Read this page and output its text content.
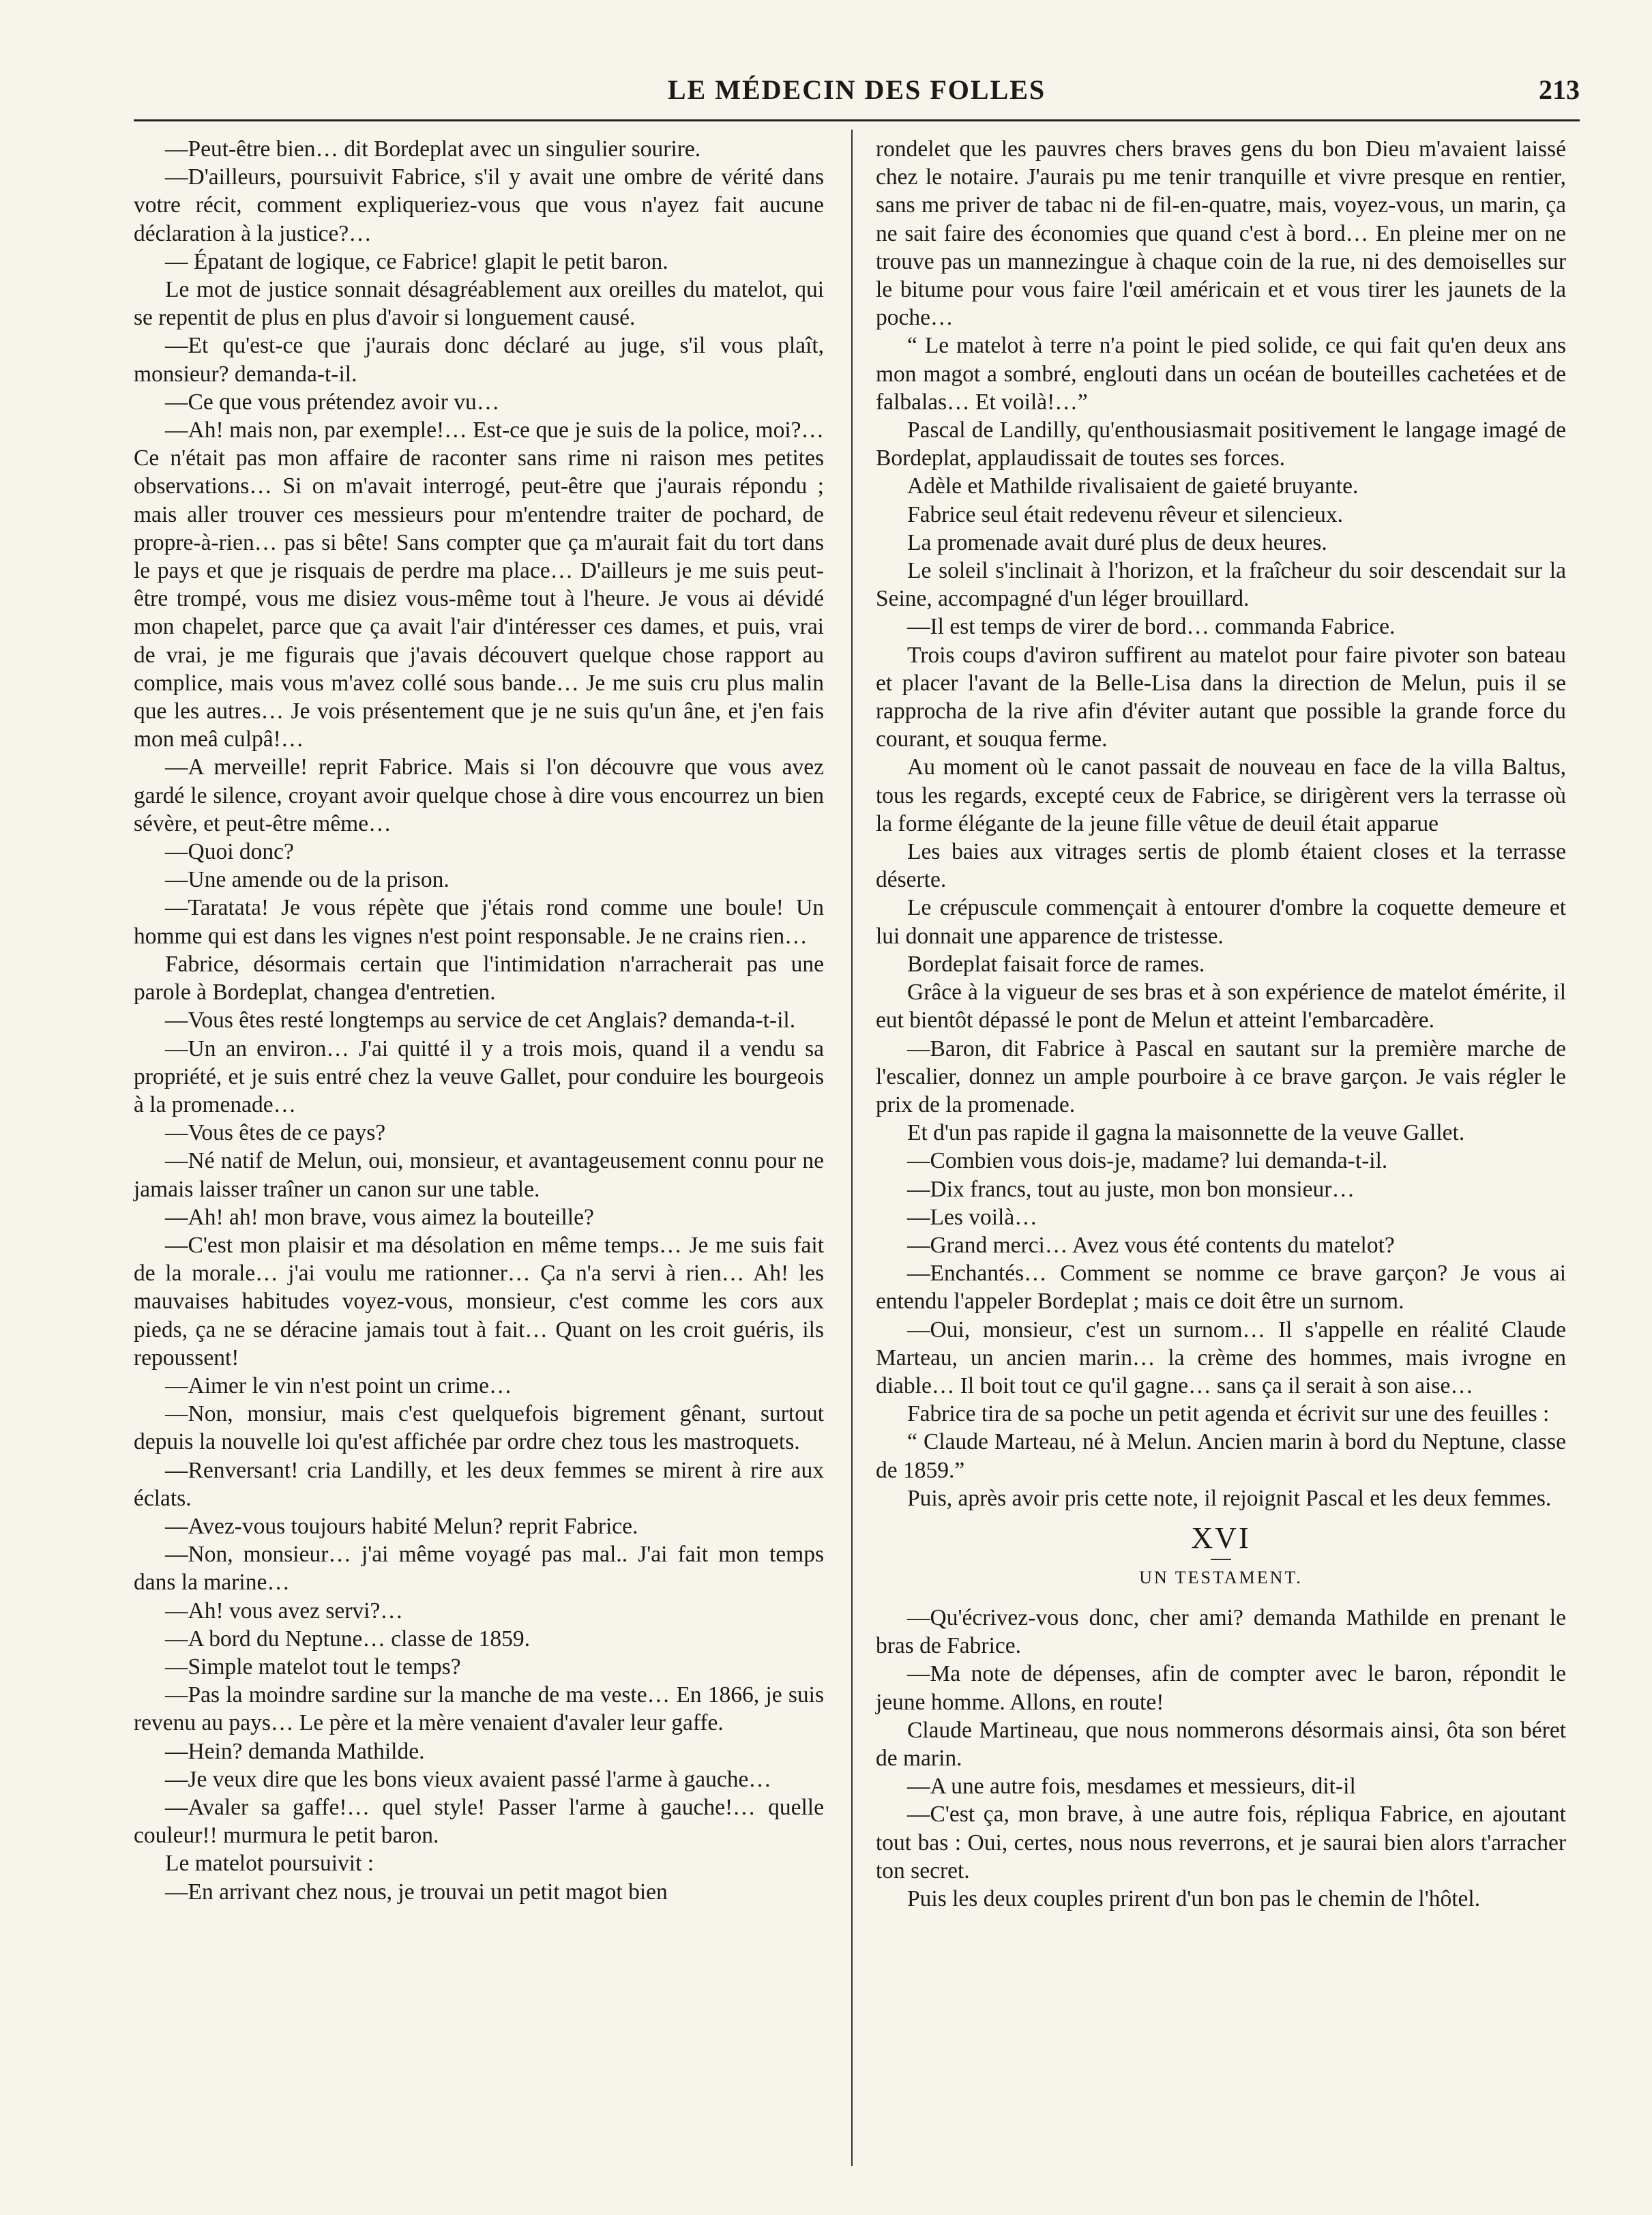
LE MÉDECIN DES FOLLES	213

—Peut-être bien… dit Bordeplat avec un singulier sourire.

—D'ailleurs, poursuivit Fabrice, s'il y avait une ombre de vérité dans votre récit, comment expliqueriez-vous que vous n'ayez fait aucune déclaration à la justice?…

— Épatant de logique, ce Fabrice! glapit le petit baron.

Le mot de justice sonnait désagréablement aux oreilles du matelot, qui se repentit de plus en plus d'avoir si longuement causé.

—Et qu'est-ce que j'aurais donc déclaré au juge, s'il vous plaît, monsieur? demanda-t-il.

—Ce que vous prétendez avoir vu…

—Ah! mais non, par exemple!… Est-ce que je suis de la police, moi?… Ce n'était pas mon affaire de raconter sans rime ni raison mes petites observations… Si on m'avait interrogé, peut-être que j'aurais répondu ; mais aller trouver ces messieurs pour m'entendre traiter de pochard, de propre-à-rien… pas si bête! Sans compter que ça m'aurait fait du tort dans le pays et que je risquais de perdre ma place… D'ailleurs je me suis peut-être trompé, vous me disiez vous-même tout à l'heure. Je vous ai dévidé mon chapelet, parce que ça avait l'air d'intéresser ces dames, et puis, vrai de vrai, je me figurais que j'avais découvert quelque chose rapport au complice, mais vous m'avez collé sous bande… Je me suis cru plus malin que les autres… Je vois présentement que je ne suis qu'un âne, et j'en fais mon meâ culpâ!…

—A merveille! reprit Fabrice. Mais si l'on découvre que vous avez gardé le silence, croyant avoir quelque chose à dire vous encourrez un bien sévère, et peut-être même…

—Quoi donc?

—Une amende ou de la prison.

—Taratata! Je vous répète que j'étais rond comme une boule! Un homme qui est dans les vignes n'est point responsable. Je ne crains rien…

Fabrice, désormais certain que l'intimidation n'arracherait pas une parole à Bordeplat, changea d'entretien.

—Vous êtes resté longtemps au service de cet Anglais? demanda-t-il.

—Un an environ… J'ai quitté il y a trois mois, quand il a vendu sa propriété, et je suis entré chez la veuve Gallet, pour conduire les bourgeois à la promenade…

—Vous êtes de ce pays?

—Né natif de Melun, oui, monsieur, et avantageusement connu pour ne jamais laisser traîner un canon sur une table.

—Ah! ah! mon brave, vous aimez la bouteille?

—C'est mon plaisir et ma désolation en même temps… Je me suis fait de la morale… j'ai voulu me rationner… Ça n'a servi à rien… Ah! les mauvaises habitudes voyez-vous, monsieur, c'est comme les cors aux pieds, ça ne se déracine jamais tout à fait… Quant on les croit guéris, ils repoussent!

—Aimer le vin n'est point un crime…

—Non, monsiur, mais c'est quelquefois bigrement gênant, surtout depuis la nouvelle loi qu'est affichée par ordre chez tous les mastroquets.

—Renversant! cria Landilly, et les deux femmes se mirent à rire aux éclats.

—Avez-vous toujours habité Melun? reprit Fabrice.

—Non, monsieur… j'ai même voyagé pas mal.. J'ai fait mon temps dans la marine…

—Ah! vous avez servi?…

—A bord du Neptune… classe de 1859.

—Simple matelot tout le temps?

—Pas la moindre sardine sur la manche de ma veste… En 1866, je suis revenu au pays… Le père et la mère venaient d'avaler leur gaffe.

—Hein? demanda Mathilde.

—Je veux dire que les bons vieux avaient passé l'arme à gauche…

—Avaler sa gaffe!… quel style! Passer l'arme à gauche!… quelle couleur!! murmura le petit baron.

Le matelot poursuivit :

—En arrivant chez nous, je trouvai un petit magot bien

rondelet que les pauvres chers braves gens du bon Dieu m'avaient laissé chez le notaire. J'aurais pu me tenir tranquille et vivre presque en rentier, sans me priver de tabac ni de fil-en-quatre, mais, voyez-vous, un marin, ça ne sait faire des économies que quand c'est à bord… En pleine mer on ne trouve pas un mannezingue à chaque coin de la rue, ni des demoiselles sur le bitume pour vous faire l'œil américain et et vous tirer les jaunets de la poche…

“ Le matelot à terre n'a point le pied solide, ce qui fait qu'en deux ans mon magot a sombré, englouti dans un océan de bouteilles cachetées et de falbalas… Et voilà!…”

Pascal de Landilly, qu'enthousiasmait positivement le langage imagé de Bordeplat, applaudissait de toutes ses forces.

Adèle et Mathilde rivalisaient de gaieté bruyante.

Fabrice seul était redevenu rêveur et silencieux.

La promenade avait duré plus de deux heures.

Le soleil s'inclinait à l'horizon, et la fraîcheur du soir descendait sur la Seine, accompagné d'un léger brouillard.

—Il est temps de virer de bord… commanda Fabrice.

Trois coups d'aviron suffirent au matelot pour faire pivoter son bateau et placer l'avant de la Belle-Lisa dans la direction de Melun, puis il se rapprocha de la rive afin d'éviter autant que possible la grande force du courant, et souqua ferme.

Au moment où le canot passait de nouveau en face de la villa Baltus, tous les regards, excepté ceux de Fabrice, se dirigèrent vers la terrasse où la forme élégante de la jeune fille vêtue de deuil était apparue

Les baies aux vitrages sertis de plomb étaient closes et la terrasse déserte.

Le crépuscule commençait à entourer d'ombre la coquette demeure et lui donnait une apparence de tristesse.

Bordeplat faisait force de rames.

Grâce à la vigueur de ses bras et à son expérience de matelot émérite, il eut bientôt dépassé le pont de Melun et atteint l'embarcadère.

—Baron, dit Fabrice à Pascal en sautant sur la première marche de l'escalier, donnez un ample pourboire à ce brave garçon. Je vais régler le prix de la promenade.

Et d'un pas rapide il gagna la maisonnette de la veuve Gallet.

—Combien vous dois-je, madame? lui demanda-t-il.

—Dix francs, tout au juste, mon bon monsieur…

—Les voilà…

—Grand merci… Avez vous été contents du matelot?

—Enchantés… Comment se nomme ce brave garçon? Je vous ai entendu l'appeler Bordeplat ; mais ce doit être un surnom.

—Oui, monsieur, c'est un surnom… Il s'appelle en réalité Claude Marteau, un ancien marin… la crème des hommes, mais ivrogne en diable… Il boit tout ce qu'il gagne… sans ça il serait à son aise…

Fabrice tira de sa poche un petit agenda et écrivit sur une des feuilles :

“ Claude Marteau, né à Melun. Ancien marin à bord du Neptune, classe de 1859.”

Puis, après avoir pris cette note, il rejoignit Pascal et les deux femmes.

XVI
UN TESTAMENT.

—Qu'écrivez-vous donc, cher ami? demanda Mathilde en prenant le bras de Fabrice.

—Ma note de dépenses, afin de compter avec le baron, répondit le jeune homme. Allons, en route!

Claude Martineau, que nous nommerons désormais ainsi, ôta son béret de marin.

—A une autre fois, mesdames et messieurs, dit-il

—C'est ça, mon brave, à une autre fois, répliqua Fabrice, en ajoutant tout bas : Oui, certes, nous nous reverrons, et je saurai bien alors t'arracher ton secret.

Puis les deux couples prirent d'un bon pas le chemin de l'hôtel.
